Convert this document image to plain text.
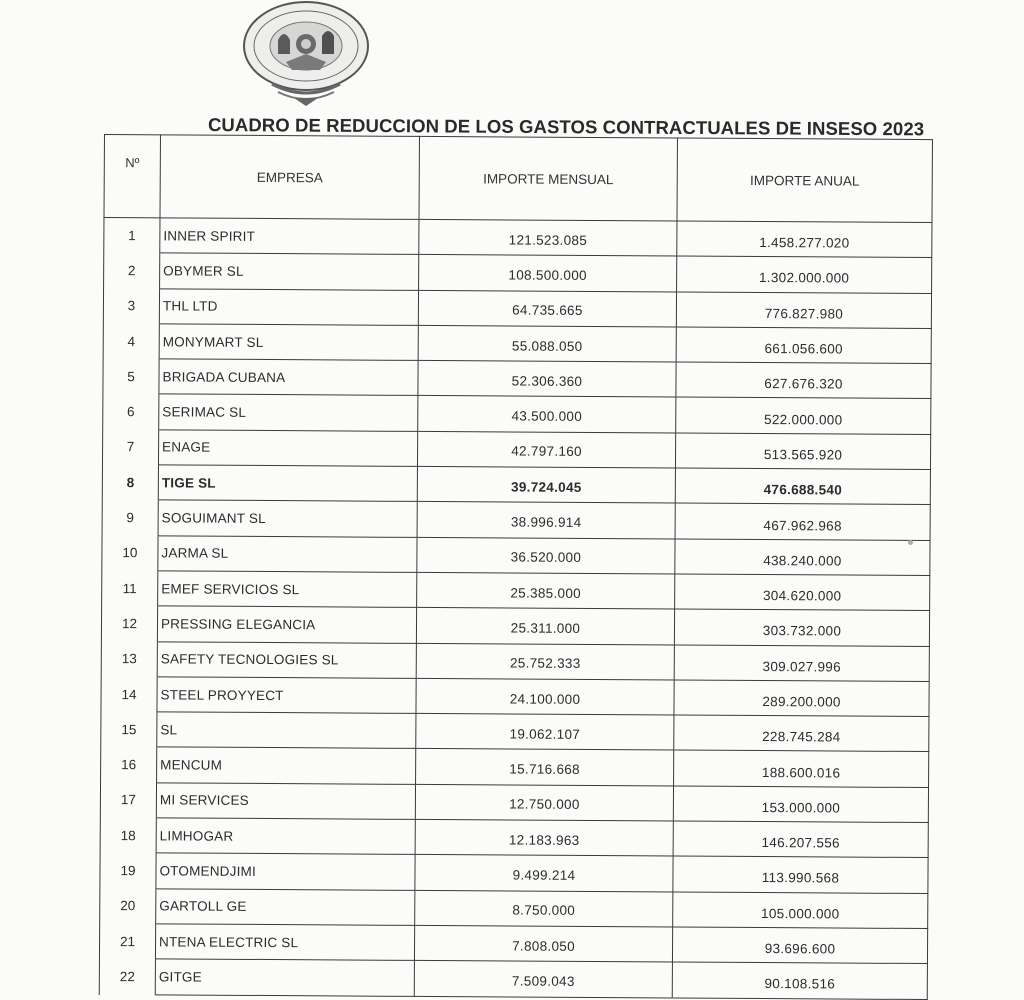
CUADRO DE REDUCCION DE LOS GASTOS CONTRACTUALES DE INSESO 2023
Nº	EMPRESA	IMPORTE MENSUAL	IMPORTE ANUAL
1	INNER SPIRIT	121.523.085	1.458.277.020
2	OBYMER SL	108.500.000	1.302.000.000
3	THL LTD	64.735.665	776.827.980
4	MONYMART SL	55.088.050	661.056.600
5	BRIGADA CUBANA	52.306.360	627.676.320
6	SERIMAC SL	43.500.000	522.000.000
7	ENAGE	42.797.160	513.565.920
8	TIGE SL	39.724.045	476.688.540
9	SOGUIMANT SL	38.996.914	467.962.968
10	JARMA SL	36.520.000	438.240.000
11	EMEF SERVICIOS SL	25.385.000	304.620.000
12	PRESSING ELEGANCIA	25.311.000	303.732.000
13	SAFETY TECNOLOGIES SL	25.752.333	309.027.996
14	STEEL PROYYECT	24.100.000	289.200.000
15	SL	19.062.107	228.745.284
16	MENCUM	15.716.668	188.600.016
17	MI SERVICES	12.750.000	153.000.000
18	LIMHOGAR	12.183.963	146.207.556
19	OTOMENDJIMI	9.499.214	113.990.568
20	GARTOLL GE	8.750.000	105.000.000
21	NTENA ELECTRIC SL	7.808.050	93.696.600
22	GITGE	7.509.043	90.108.516
